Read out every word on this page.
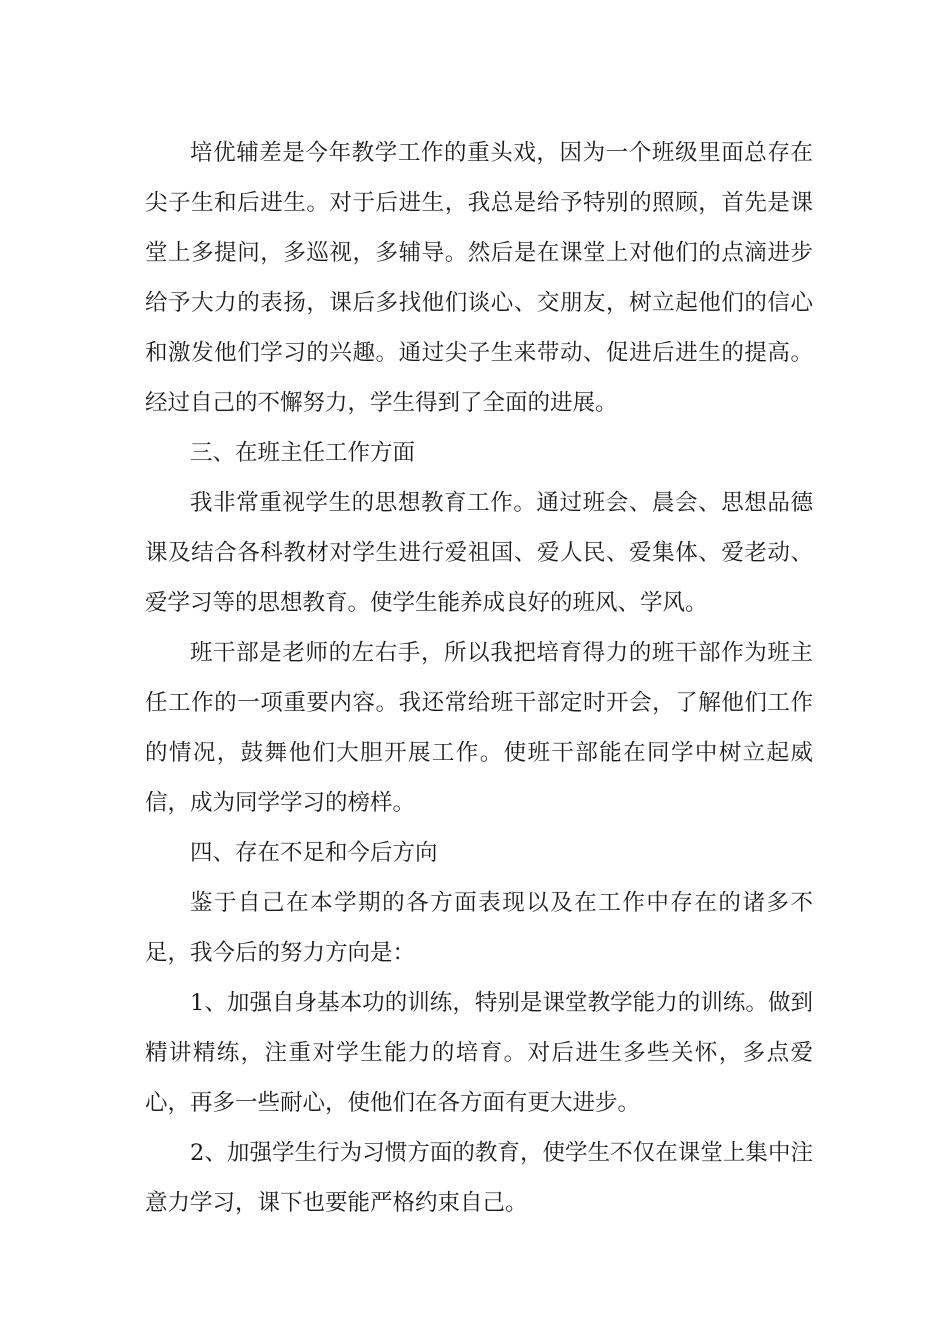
培优辅差是今年教学工作的重头戏，因为一个班级里面总存在尖子生和后进生。对于后进生，我总是给予特别的照顾，首先是课堂上多提问，多巡视，多辅导。然后是在课堂上对他们的点滴进步给予大力的表扬，课后多找他们谈心、交朋友，树立起他们的信心和激发他们学习的兴趣。通过尖子生来带动、促进后进生的提高。经过自己的不懈努力，学生得到了全面的进展。

三、在班主任工作方面

我非常重视学生的思想教育工作。通过班会、晨会、思想品德课及结合各科教材对学生进行爱祖国、爱人民、爱集体、爱老动、爱学习等的思想教育。使学生能养成良好的班风、学风。

班干部是老师的左右手，所以我把培育得力的班干部作为班主任工作的一项重要内容。我还常给班干部定时开会，了解他们工作的情况，鼓舞他们大胆开展工作。使班干部能在同学中树立起威信，成为同学学习的榜样。

四、存在不足和今后方向

鉴于自己在本学期的各方面表现以及在工作中存在的诸多不足，我今后的努力方向是：

1、加强自身基本功的训练，特别是课堂教学能力的训练。做到精讲精练，注重对学生能力的培育。对后进生多些关怀，多点爱心，再多一些耐心，使他们在各方面有更大进步。

2、加强学生行为习惯方面的教育，使学生不仅在课堂上集中注意力学习，课下也要能严格约束自己。
